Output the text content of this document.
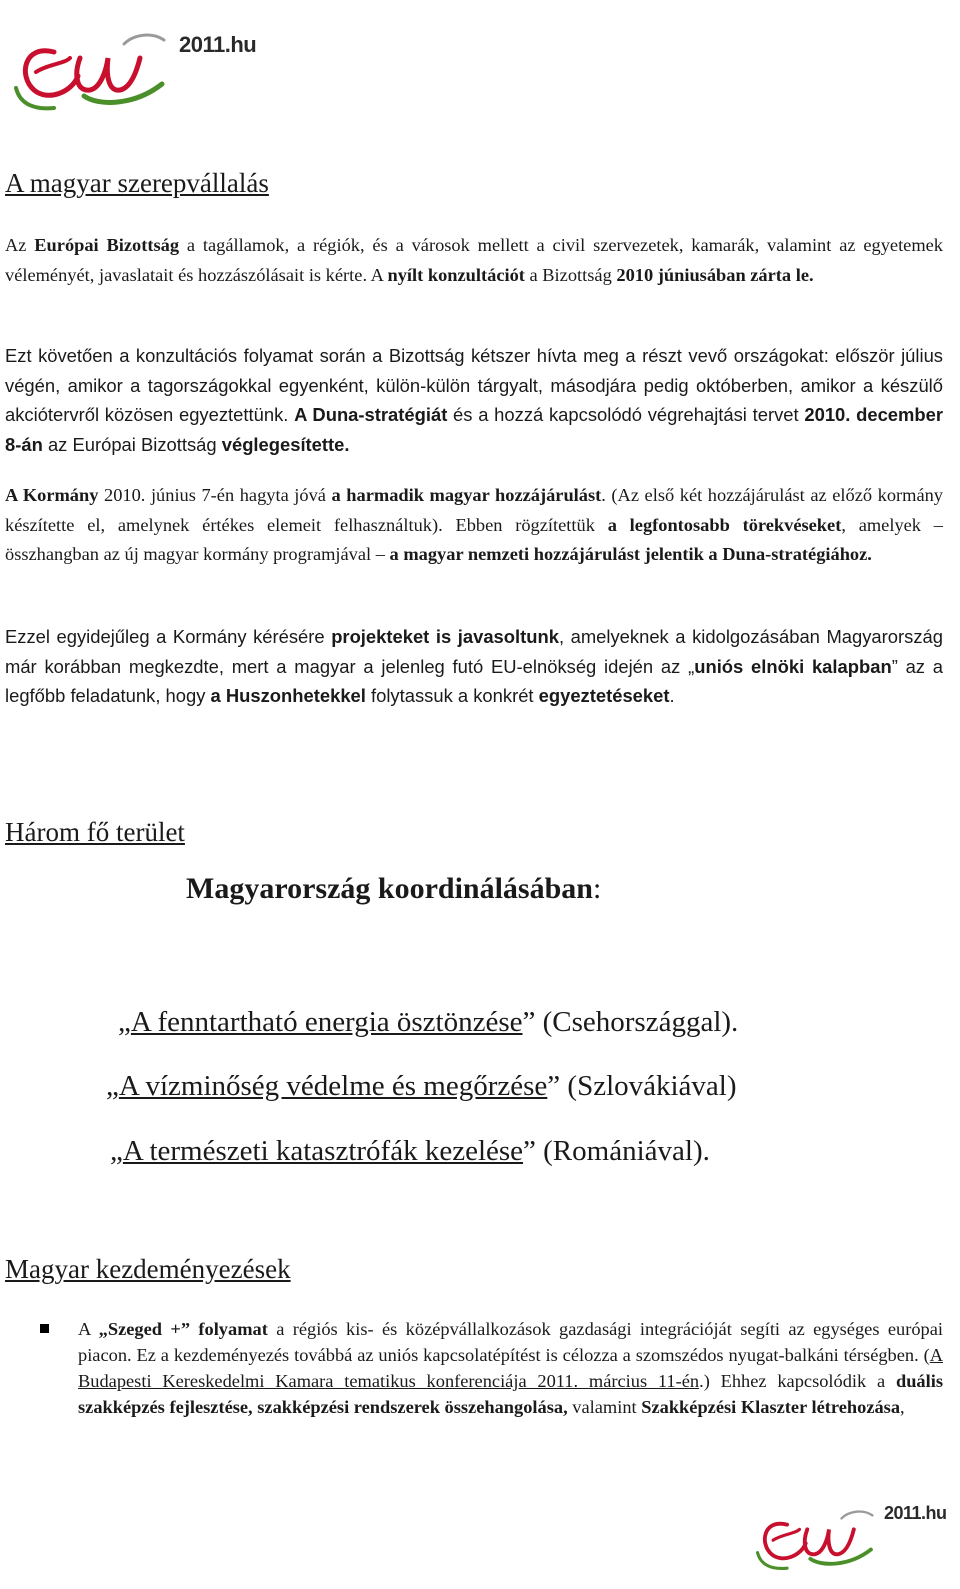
2011.hu
A magyar szerepvállalás

Az Európai Bizottság a tagállamok, a régiók, és a városok mellett a civil szervezetek, kamarák, valamint az egyetemek véleményét, javaslatait és hozzászólásait is kérte. A nyílt konzultációt a Bizottság 2010 júniusában zárta le.

Ezt követően a konzultációs folyamat során a Bizottság kétszer hívta meg a részt vevő országokat: először július végén, amikor a tagországokkal egyenként, külön-külön tárgyalt, másodjára pedig októberben, amikor a készülő akciótervről közösen egyeztettünk. A Duna-stratégiát és a hozzá kapcsolódó végrehajtási tervet 2010. december 8-án az Európai Bizottság véglegesítette.

A Kormány 2010. június 7-én hagyta jóvá a harmadik magyar hozzájárulást. (Az első két hozzájárulást az előző kormány készítette el, amelynek értékes elemeit felhasználtuk). Ebben rögzítettük a legfontosabb törekvéseket, amelyek – összhangban az új magyar kormány programjával – a magyar nemzeti hozzájárulást jelentik a Duna-stratégiához.

Ezzel egyidejűleg a Kormány kérésére projekteket is javasoltunk, amelyeknek a kidolgozásában Magyarország már korábban megkezdte, mert a magyar a jelenleg futó EU-elnökség idején az „uniós elnöki kalapban” az a legfőbb feladatunk, hogy a Huszonhetekkel folytassuk a konkrét egyeztetéseket.

Három fő terület
Magyarország koordinálásában:
„A fenntartható energia ösztönzése” (Csehországgal).
„A vízminőség védelme és megőrzése” (Szlovákiával)
„A természeti katasztrófák kezelése” (Romániával).
Magyar kezdeményezések
A „Szeged +” folyamat a régiós kis- és középvállalkozások gazdasági integrációját segíti az egységes európai piacon. Ez a kezdeményezés továbbá az uniós kapcsolatépítést is célozza a szomszédos nyugat-balkáni térségben. (A Budapesti Kereskedelmi Kamara tematikus konferenciája 2011. március 11-én.) Ehhez kapcsolódik a duális szakképzés fejlesztése, szakképzési rendszerek összehangolása, valamint Szakképzési Klaszter létrehozása,
2011.hu
